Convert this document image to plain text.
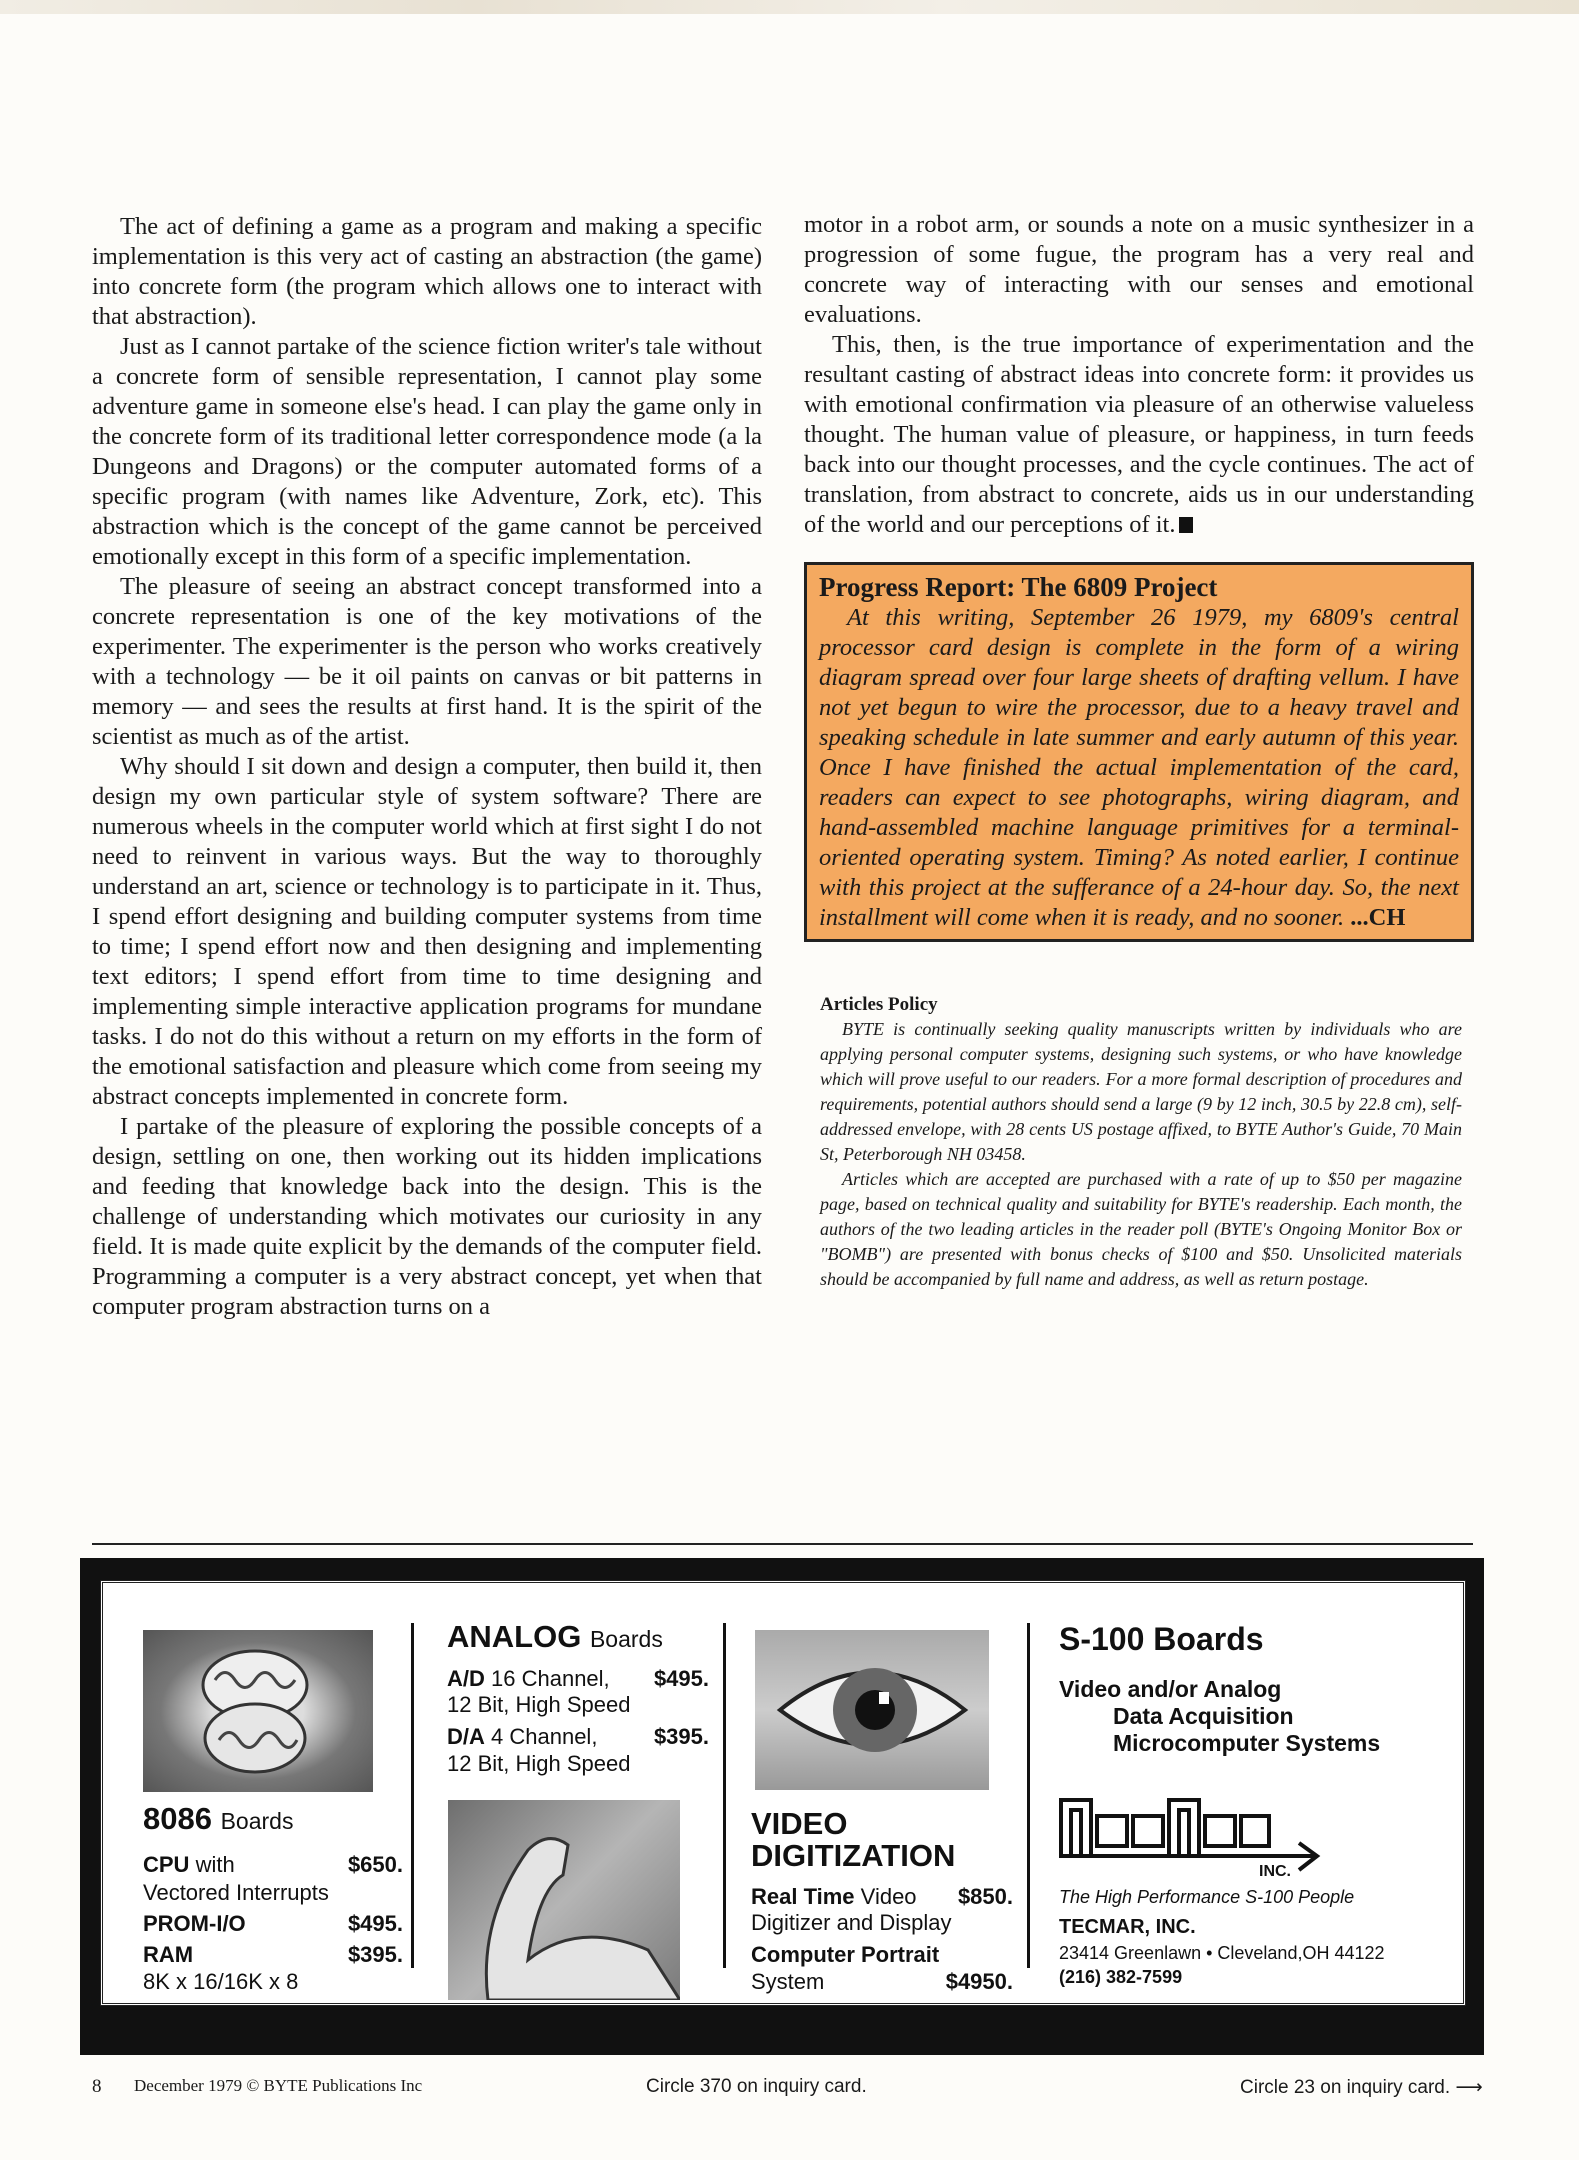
The act of defining a game as a program and making a specific implementation is this very act of casting an abstraction (the game) into concrete form (the program which allows one to interact with that abstraction).

Just as I cannot partake of the science fiction writer's tale without a concrete form of sensible representation, I cannot play some adventure game in someone else's head. I can play the game only in the concrete form of its traditional letter correspondence mode (a la Dungeons and Dragons) or the computer automated forms of a specific program (with names like Adventure, Zork, etc). This abstraction which is the concept of the game cannot be perceived emotionally except in this form of a specific implementation.

The pleasure of seeing an abstract concept transformed into a concrete representation is one of the key motivations of the experimenter. The experimenter is the person who works creatively with a technology — be it oil paints on canvas or bit patterns in memory — and sees the results at first hand. It is the spirit of the scientist as much as of the artist.

Why should I sit down and design a computer, then build it, then design my own particular style of system software? There are numerous wheels in the computer world which at first sight I do not need to reinvent in various ways. But the way to thoroughly understand an art, science or technology is to participate in it. Thus, I spend effort designing and building computer systems from time to time; I spend effort now and then designing and implementing text editors; I spend effort from time to time designing and implementing simple interactive application programs for mundane tasks. I do not do this without a return on my efforts in the form of the emotional satisfaction and pleasure which come from seeing my abstract concepts implemented in concrete form.

I partake of the pleasure of exploring the possible concepts of a design, settling on one, then working out its hidden implications and feeding that knowledge back into the design. This is the challenge of understanding which motivates our curiosity in any field. It is made quite explicit by the demands of the computer field. Programming a computer is a very abstract concept, yet when that computer program abstraction turns on a

motor in a robot arm, or sounds a note on a music synthesizer in a progression of some fugue, the program has a very real and concrete way of interacting with our senses and emotional evaluations.

This, then, is the true importance of experimentation and the resultant casting of abstract ideas into concrete form: it provides us with emotional confirmation via pleasure of an otherwise valueless thought. The human value of pleasure, or happiness, in turn feeds back into our thought processes, and the cycle continues. The act of translation, from abstract to concrete, aids us in our understanding of the world and our perceptions of it.

Progress Report: The 6809 Project

At this writing, September 26 1979, my 6809's central processor card design is complete in the form of a wiring diagram spread over four large sheets of drafting vellum. I have not yet begun to wire the processor, due to a heavy travel and speaking schedule in late summer and early autumn of this year. Once I have finished the actual implementation of the card, readers can expect to see photographs, wiring diagram, and hand-assembled machine language primitives for a terminal-oriented operating system. Timing? As noted earlier, I continue with this project at the sufferance of a 24-hour day. So, the next installment will come when it is ready, and no sooner. ...CH

Articles Policy

BYTE is continually seeking quality manuscripts written by individuals who are applying personal computer systems, designing such systems, or who have knowledge which will prove useful to our readers. For a more formal description of procedures and requirements, potential authors should send a large (9 by 12 inch, 30.5 by 22.8 cm), self-addressed envelope, with 28 cents US postage affixed, to BYTE Author's Guide, 70 Main St, Peterborough NH 03458.

Articles which are accepted are purchased with a rate of up to $50 per magazine page, based on technical quality and suitability for BYTE's readership. Each month, the authors of the two leading articles in the reader poll (BYTE's Ongoing Monitor Box or "BOMB") are presented with bonus checks of $100 and $50. Unsolicited materials should be accompanied by full name and address, as well as return postage.

8086 Boards
CPU with	$650.
Vectored Interrupts
PROM-I/O	$495.
RAM	$395.
8K x 16/16K x 8
ANALOG Boards
A/D 16 Channel, $495.
12 Bit, High Speed
D/A 4 Channel,	$395.
12 Bit, High Speed
VIDEO
DIGITIZATION
Real Time Video $850.
Digitizer and Display
Computer Portrait
System	$4950.
S-100 Boards
Video and/or Analog
Data Acquisition
Microcomputer Systems
INC.
The High Performance S-100 People
TECMAR, INC.
23414 Greenlawn • Cleveland,OH 44122
(216) 382-7599
8 December 1979 © BYTE Publications Inc	Circle 370 on inquiry card.	Circle 23 on inquiry card. ⟶
